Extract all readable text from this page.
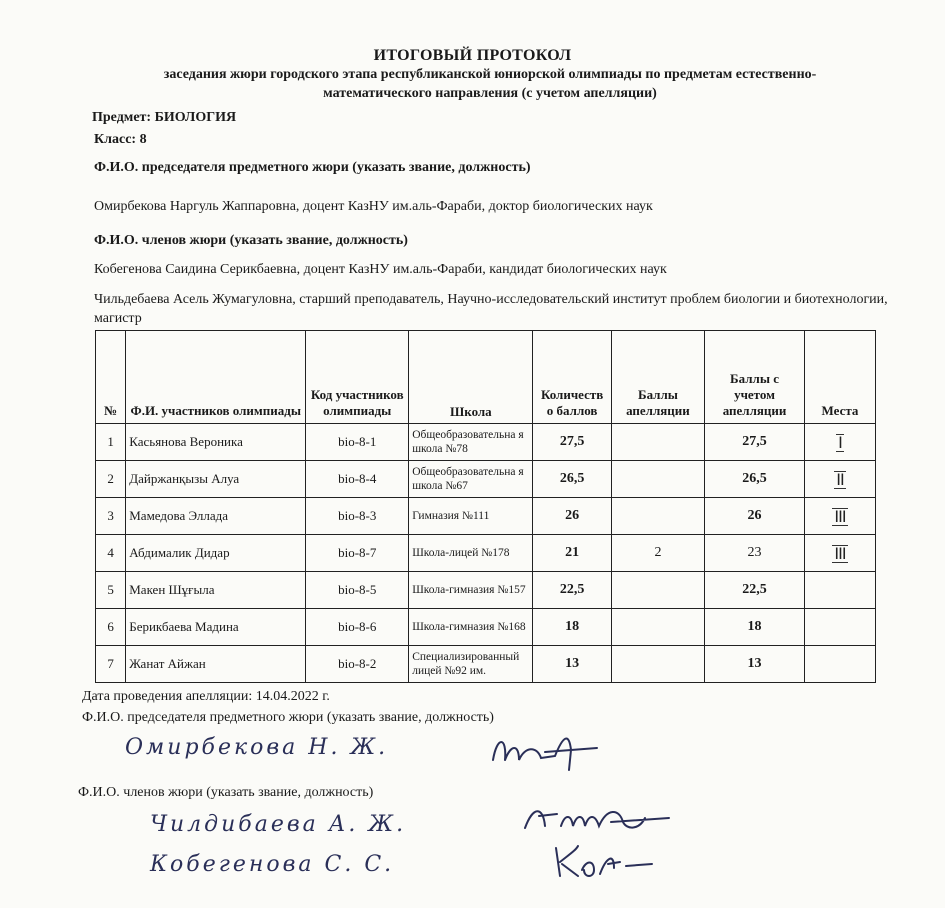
ИТОГОВЫЙ ПРОТОКОЛ
заседания жюри городского этапа республиканской юниорской олимпиады по предметам естественно-математического направления (с учетом апелляции)
Предмет: БИОЛОГИЯ
Класс: 8
Ф.И.О. председателя предметного жюри (указать звание, должность)
Омирбекова Наргуль Жаппаровна, доцент КазНУ им.аль-Фараби, доктор биологических наук
Ф.И.О. членов жюри (указать звание, должность)
Кобегенова Саидина Серикбаевна, доцент КазНУ им.аль-Фараби, кандидат биологических наук
Чильдебаева Асель Жумагуловна, старший преподаватель, Научно-исследовательский институт проблем биологии и биотехнологии, магистр
№	Ф.И. участников олимпиады	Код участников олимпиады	Школа	Количеств о баллов	Баллы апелляции	Баллы с учетом апелляции	Места
1	Касьянова Вероника	bio-8-1	Общеобразовательна я школа №78	27,5		27,5	I
2	Дайржанқызы Алуа	bio-8-4	Общеобразовательна я школа №67	26,5		26,5	II
3	Мамедова Эллада	bio-8-3	Гимназия №111	26		26	III
4	Абдималик Дидар	bio-8-7	Школа-лицей №178	21	2	23	III
5	Макен Шұғыла	bio-8-5	Школа-гимназия №157	22,5		22,5	
6	Берикбаева Мадина	bio-8-6	Школа-гимназия №168	18		18	
7	Жанат Айжан	bio-8-2	Специализированный лицей №92 им.	13		13	
Дата проведения апелляции: 14.04.2022 г.
Ф.И.О. председателя предметного жюри (указать звание, должность)
Омирбекова Н. Ж.
Ф.И.О. членов жюри (указать звание, должность)
Чилдибаева А. Ж.
Кобегенова С. С.
